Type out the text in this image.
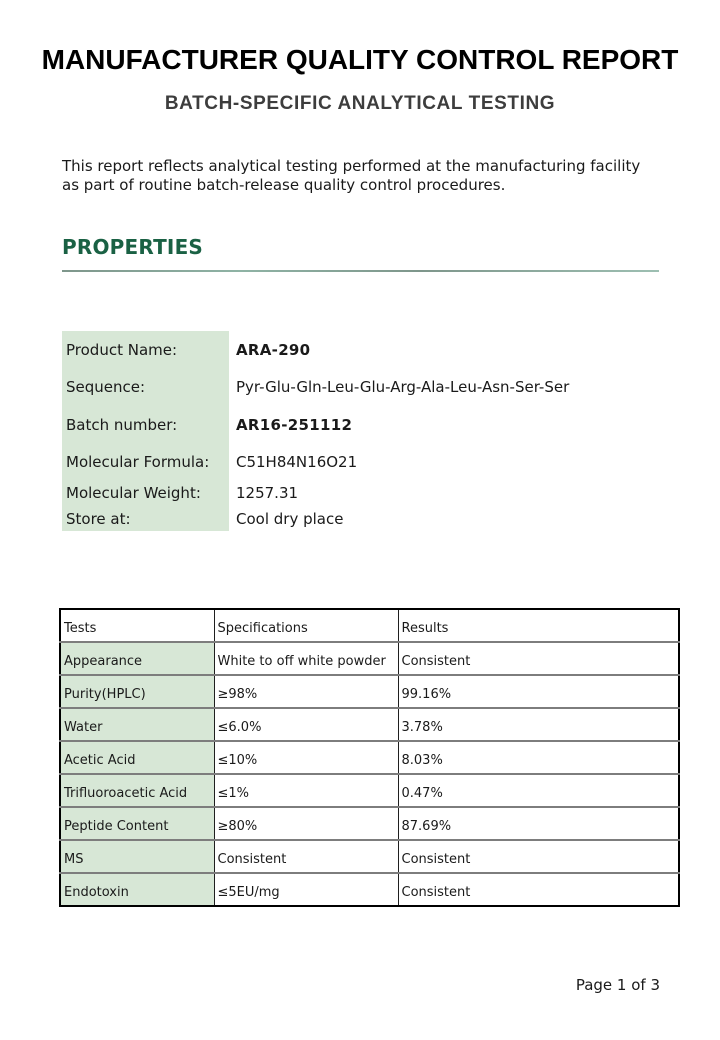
MANUFACTURER QUALITY CONTROL REPORT
BATCH-SPECIFIC ANALYTICAL TESTING
This report reflects analytical testing performed at the manufacturing facility
as part of routine batch-release quality control procedures.
PROPERTIES
Product Name:	ARA-290
Sequence:	Pyr-Glu-Gln-Leu-Glu-Arg-Ala-Leu-Asn-Ser-Ser
Batch number:	AR16-251112
Molecular Formula:	C51H84N16O21
Molecular Weight:	1257.31
Store at:	Cool dry place
Tests	Specifications	Results
Appearance	White to off white powder	Consistent
Purity(HPLC)	≥98%	99.16%
Water	≤6.0%	3.78%
Acetic Acid	≤10%	8.03%
Trifluoroacetic Acid	≤1%	0.47%
Peptide Content	≥80%	87.69%
MS	Consistent	Consistent
Endotoxin	≤5EU/mg	Consistent
Page 1 of 3
